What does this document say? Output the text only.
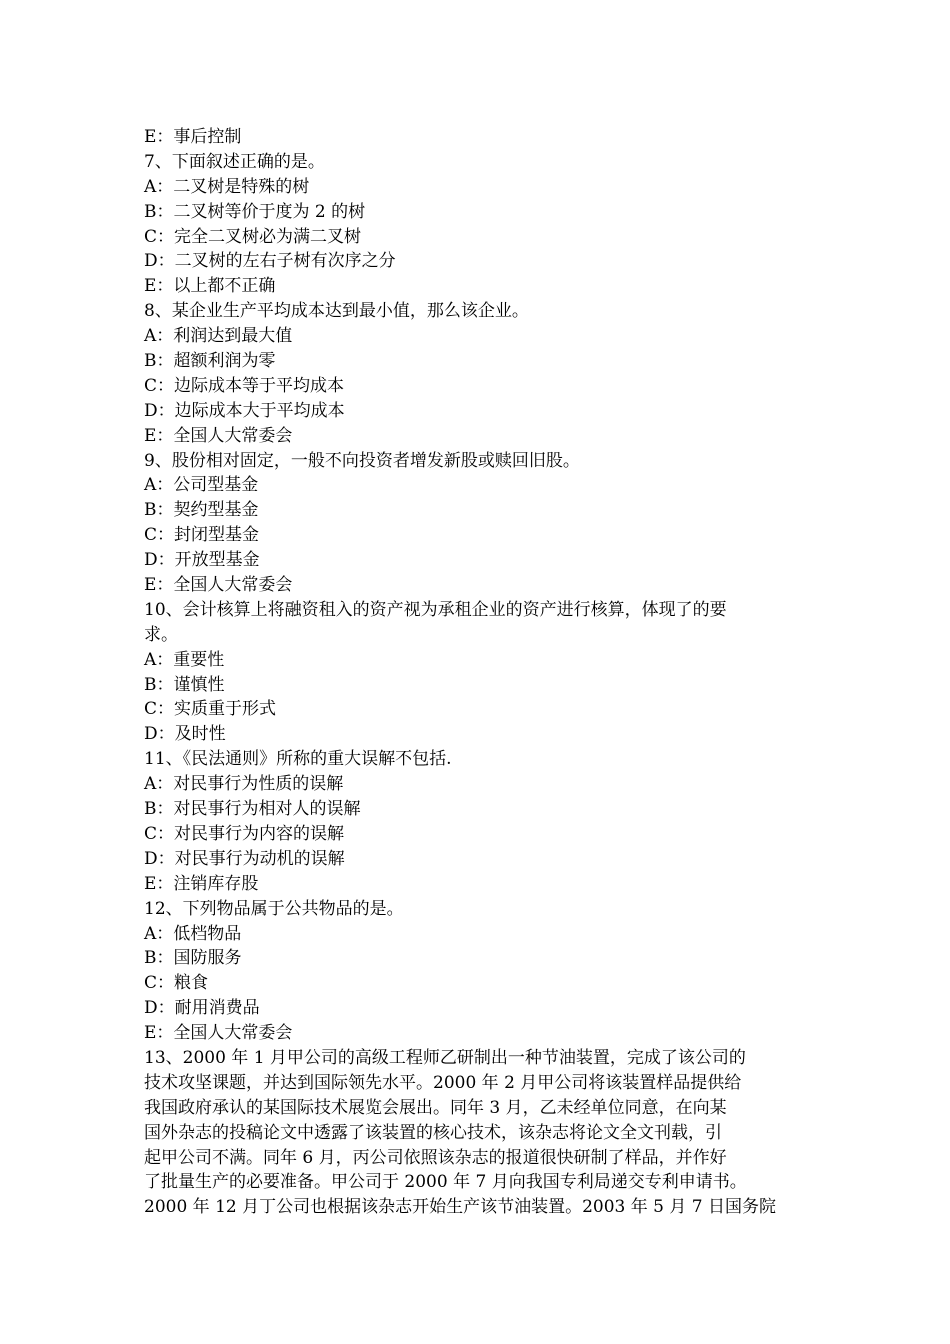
E：事后控制
7、下面叙述正确的是。
A：二叉树是特殊的树
B：二叉树等价于度为 2 的树
C：完全二叉树必为满二叉树
D：二叉树的左右子树有次序之分
E：以上都不正确
8、某企业生产平均成本达到最小值，那么该企业。
A：利润达到最大值
B：超额利润为零
C：边际成本等于平均成本
D：边际成本大于平均成本
E：全国人大常委会
9、股份相对固定，一般不向投资者增发新股或赎回旧股。
A：公司型基金
B：契约型基金
C：封闭型基金
D：开放型基金
E：全国人大常委会
10、会计核算上将融资租入的资产视为承租企业的资产进行核算，体现了的要
求。
A：重要性
B：谨慎性
C：实质重于形式
D：及时性
11、《民法通则》所称的重大误解不包括.
A：对民事行为性质的误解
B：对民事行为相对人的误解
C：对民事行为内容的误解
D：对民事行为动机的误解
E：注销库存股
12、下列物品属于公共物品的是。
A：低档物品
B：国防服务
C：粮食
D：耐用消费品
E：全国人大常委会
13、2000 年 1 月甲公司的高级工程师乙研制出一种节油装置，完成了该公司的
技术攻坚课题，并达到国际领先水平。2000 年 2 月甲公司将该装置样品提供给
我国政府承认的某国际技术展览会展出。同年 3 月，乙未经单位同意，在向某
国外杂志的投稿论文中透露了该装置的核心技术，该杂志将论文全文刊载，引
起甲公司不满。同年 6 月，丙公司依照该杂志的报道很快研制了样品，并作好
了批量生产的必要准备。甲公司于 2000 年 7 月向我国专利局递交专利申请书。
2000 年 12 月丁公司也根据该杂志开始生产该节油装置。2003 年 5 月 7 日国务院
